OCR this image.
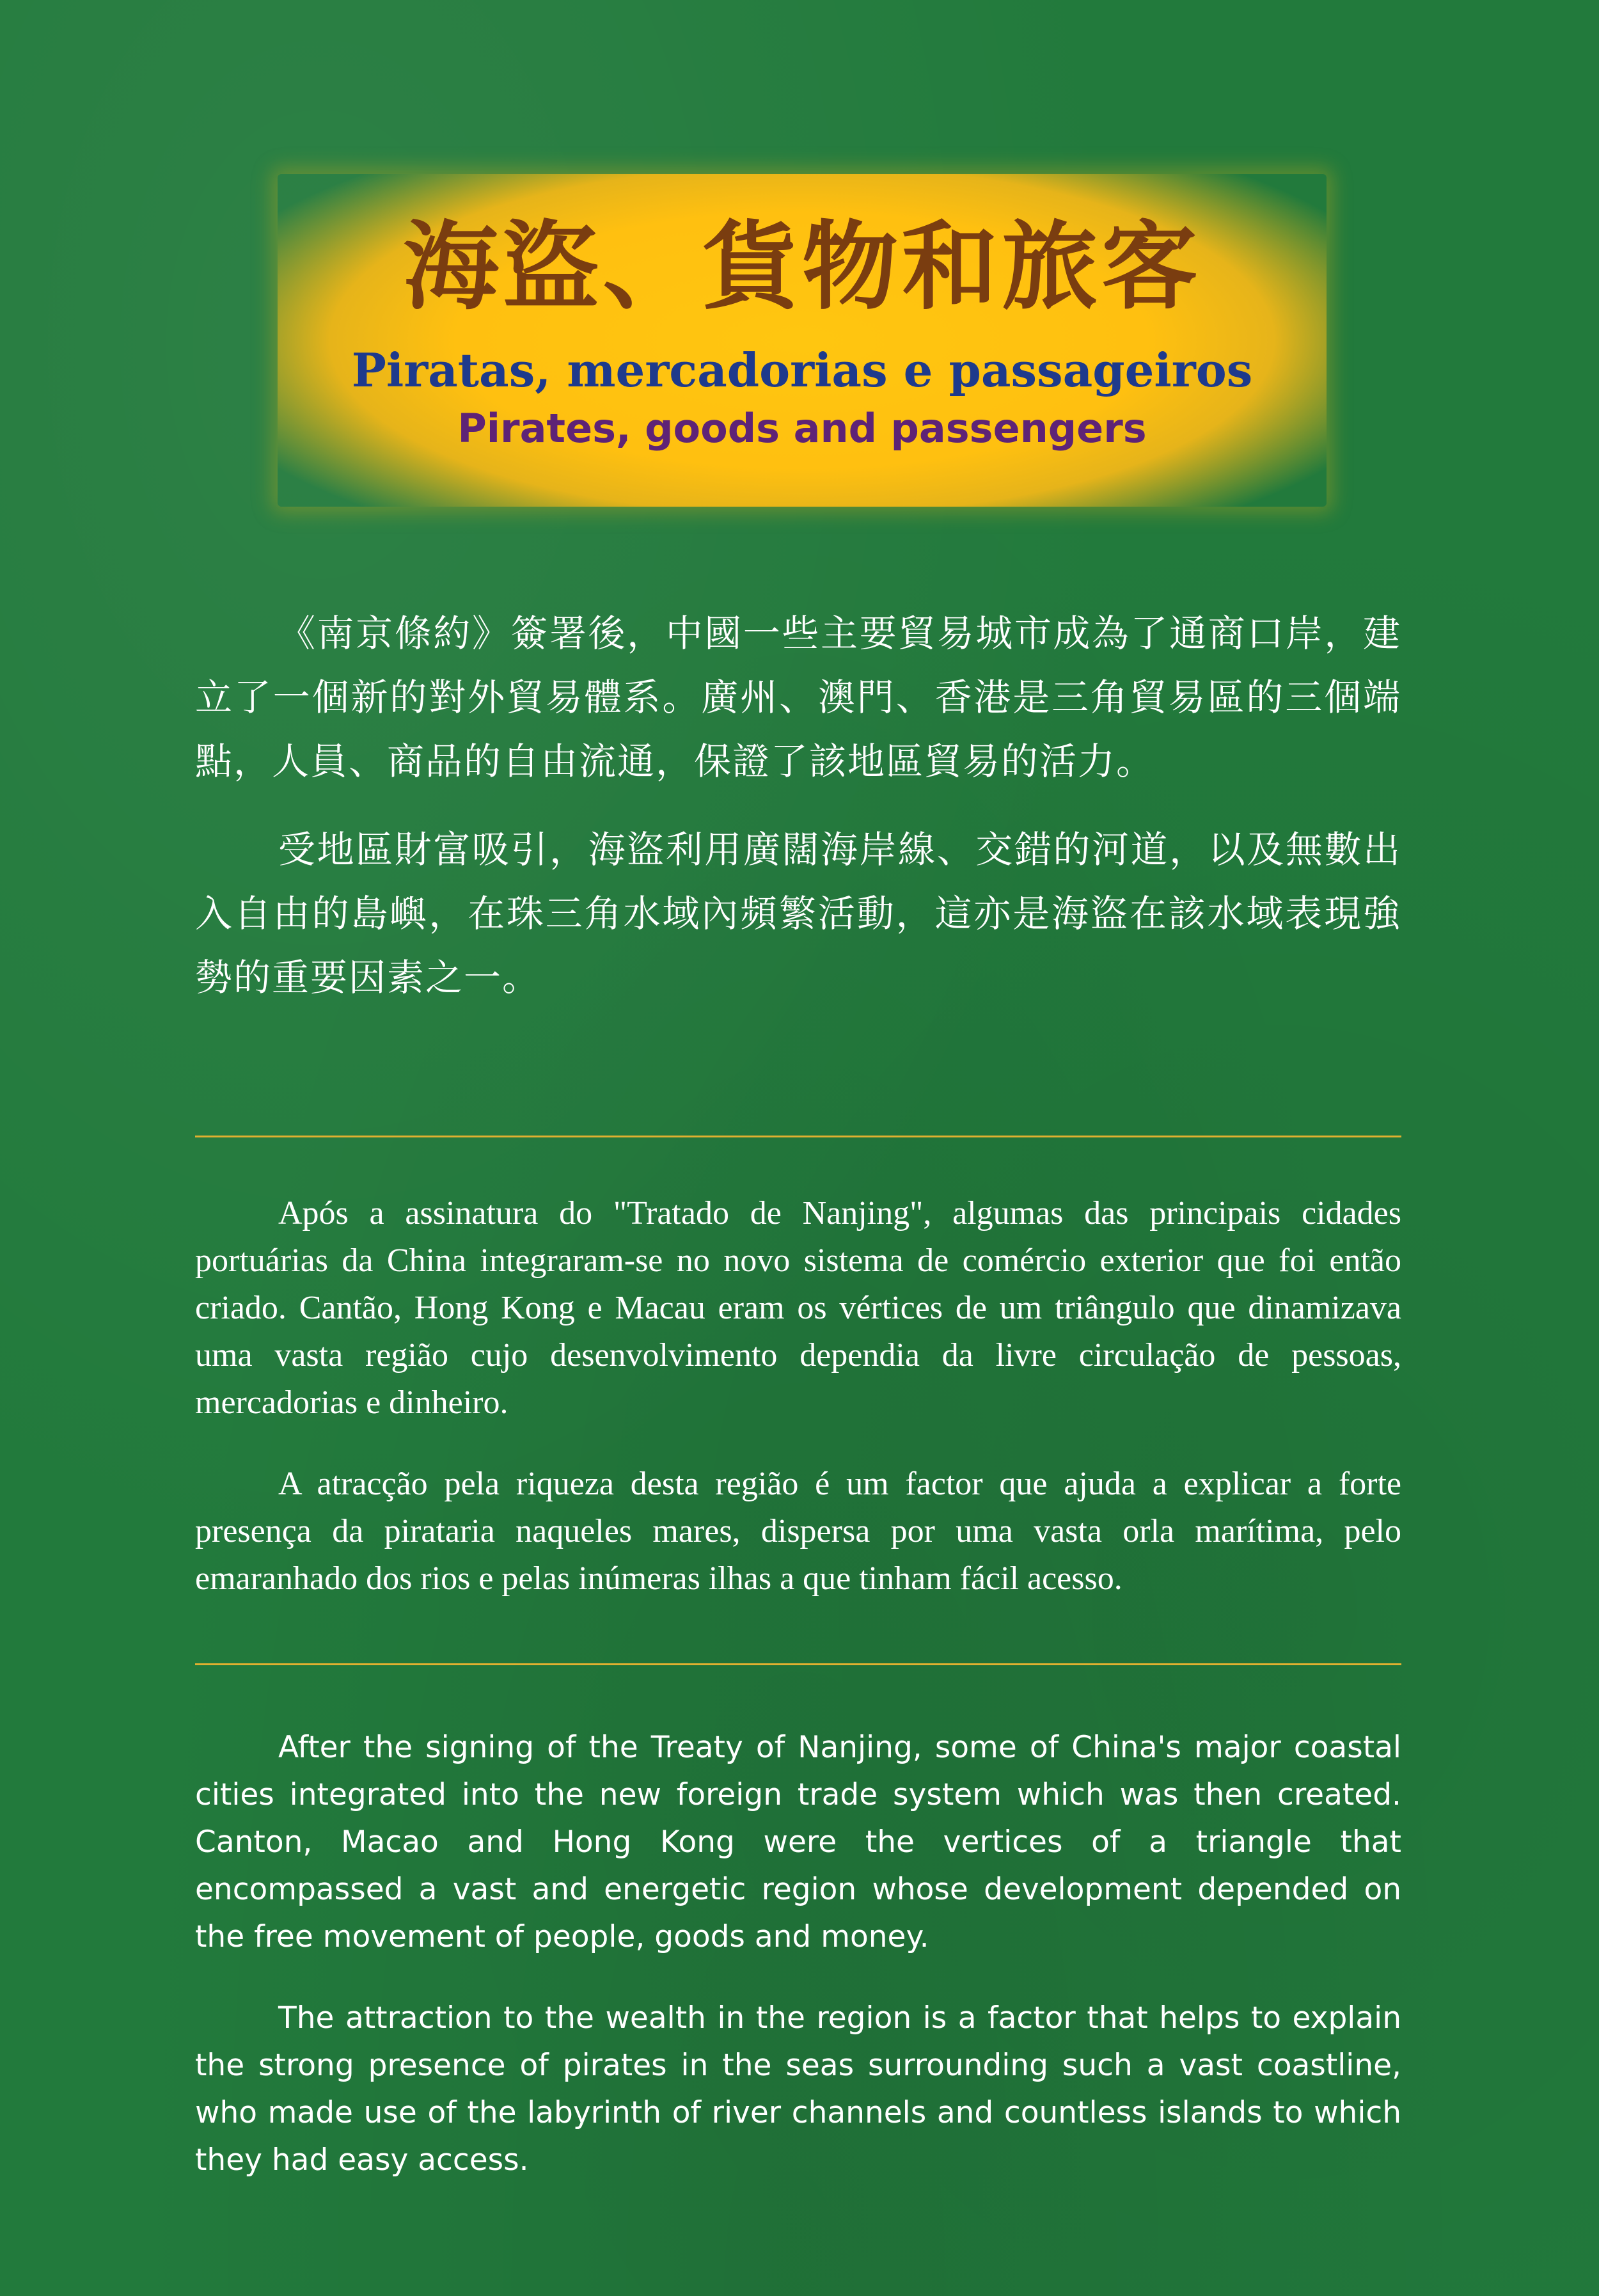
海盜、貨物和旅客
Piratas, mercadorias e passageiros
Pirates, goods and passengers

《南京條約》簽署後，中國一些主要貿易城市成為了通商口岸，建立了一個新的對外貿易體系。廣州、澳門、香港是三角貿易區的三個端點，人員、商品的自由流通，保證了該地區貿易的活力。

受地區財富吸引，海盜利用廣闊海岸線、交錯的河道，以及無數出入自由的島嶼，在珠三角水域內頻繁活動，這亦是海盜在該水域表現強勢的重要因素之一。

Após a assinatura do "Tratado de Nanjing", algumas das principais cidades portuárias da China integraram-se no novo sistema de comércio exterior que foi então criado. Cantão, Hong Kong e Macau eram os vértices de um triângulo que dinamizava uma vasta região cujo desenvolvimento dependia da livre circulação de pessoas, mercadorias e dinheiro.

A atracção pela riqueza desta região é um factor que ajuda a explicar a forte presença da pirataria naqueles mares, dispersa por uma vasta orla marítima, pelo emaranhado dos rios e pelas inúmeras ilhas a que tinham fácil acesso.

After the signing of the Treaty of Nanjing, some of China's major coastal cities integrated into the new foreign trade system which was then created. Canton, Macao and Hong Kong were the vertices of a triangle that encompassed a vast and energetic region whose development depended on the free movement of people, goods and money.

The attraction to the wealth in the region is a factor that helps to explain the strong presence of pirates in the seas surrounding such a vast coastline, who made use of the labyrinth of river channels and countless islands to which they had easy access.
